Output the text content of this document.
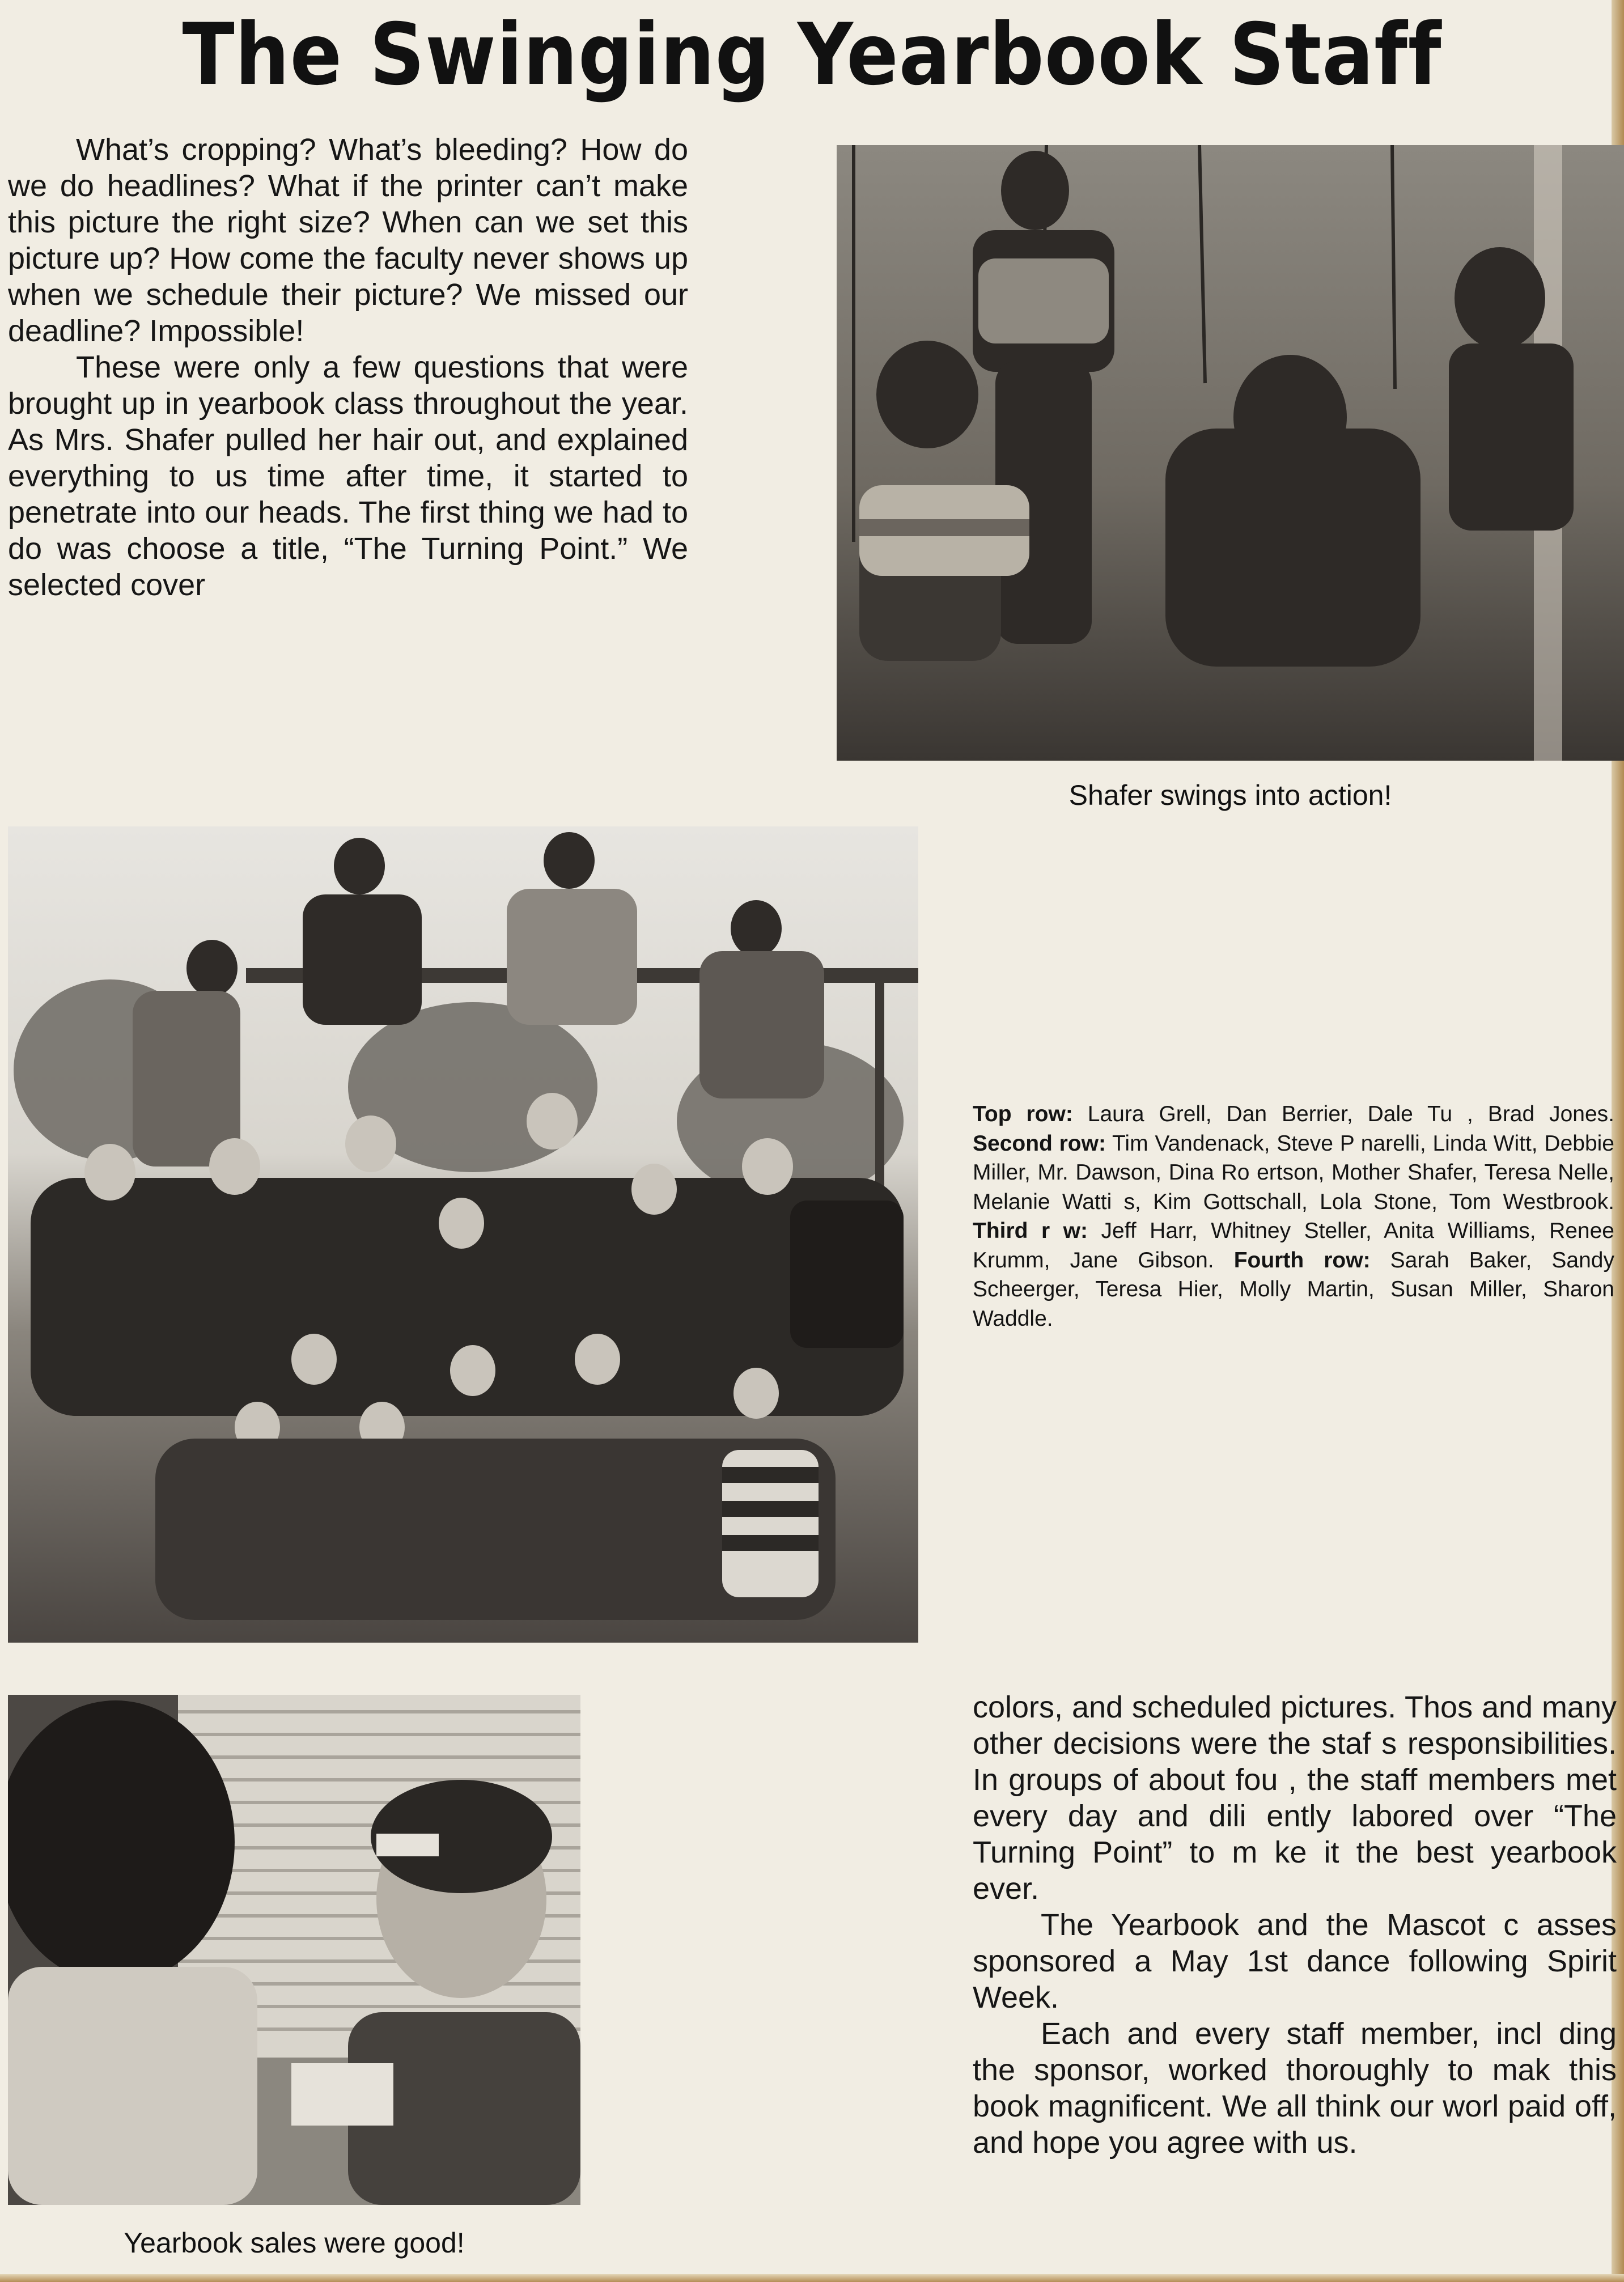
The Swinging Yearbook Staff

What’s cropping? What’s bleeding? How do we do headlines? What if the printer can’t make this picture the right size? When can we set this picture up? How come the faculty never shows up when we schedule their picture? We missed our deadline? Impossible!

These were only a few questions that were brought up in yearbook class throughout the year. As Mrs. Shafer pulled her hair out, and explained everything to us time after time, it started to penetrate into our heads. The first thing we had to do was choose a title, “The Turning Point.” We selected cover

Shafer swings into action!

Top row: Laura Grell, Dan Berrier, Dale Tu , Brad Jones. Second row: Tim Vandenack, Steve P narelli, Linda Witt, Debbie Miller, Mr. Dawson, Dina Ro ertson, Mother Shafer, Teresa Nelle, Melanie Watti s, Kim Gottschall, Lola Stone, Tom Westbrook. Third r w: Jeff Harr, Whitney Steller, Anita Williams, Renee Krumm, Jane Gibson. Fourth row: Sarah Baker, Sandy Scheerger, Teresa Hier, Molly Martin, Susan Miller, Sharon Waddle.

Yearbook sales were good!

colors, and scheduled pictures. Thos and many other decisions were the staf s responsibilities. In groups of about fou , the staff members met every day and dili ently labored over “The Turning Point” to m ke it the best yearbook ever.

The Yearbook and the Mascot c asses sponsored a May 1st dance following Spirit Week.

Each and every staff member, incl ding the sponsor, worked thoroughly to mak this book magnificent. We all think our worl paid off, and hope you agree with us.
